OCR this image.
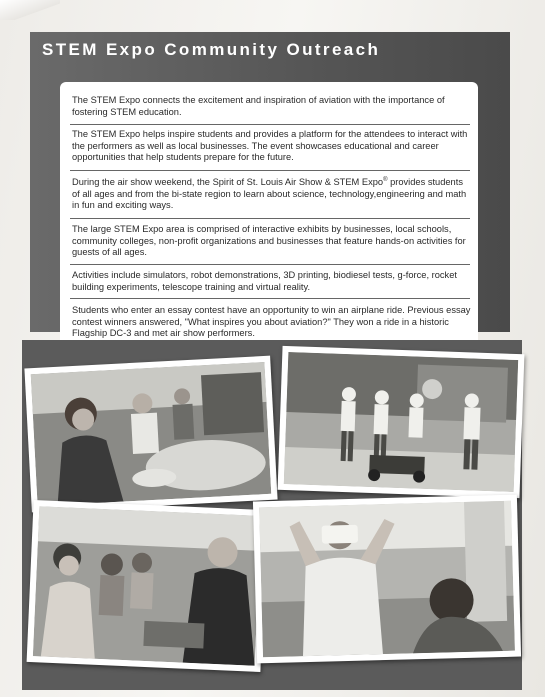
STEM Expo Community Outreach
The STEM Expo connects the excitement and inspiration of aviation with the importance of fostering STEM education.
The STEM Expo helps inspire students and provides a platform for the attendees to interact with the performers as well as local businesses. The event showcases educational and career opportunities that help students prepare for the future.
During the air show weekend, the Spirit of St. Louis Air Show & STEM Expo® provides students of all ages and from the bi-state region to learn about science, technology,engineering and math in fun and exciting ways.
The large STEM Expo area is comprised of interactive exhibits by businesses, local schools, community colleges, non-profit organizations and businesses that feature hands-on activities for guests of all ages.
Activities include simulators, robot demonstrations, 3D printing, biodiesel tests, g-force, rocket building experiments, telescope training and virtual reality.
Students who enter an essay contest have an opportunity to win an airplane ride. Previous essay contest winners answered, "What inspires you about aviation?" They won a ride in a historic Flagship DC-3 and met air show performers.
